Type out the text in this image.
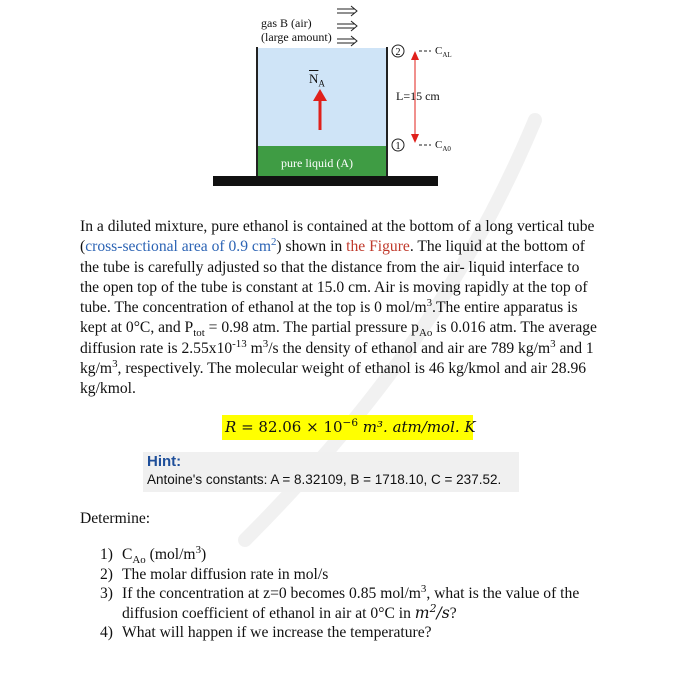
2
1
gas B (air)
(large amount)
$\overline{N}_A$
$C_{AL}$
$C_{A0}$
L=15 cm
pure liquid (A)
In a diluted mixture, pure ethanol is contained at the bottom of a long vertical tube (cross-sectional area of 0.9 $cm^2$) shown in the Figure. The liquid at the bottom of the tube is carefully adjusted so that the distance from the air- liquid interface to the open top of the tube is constant at 15.0 cm. Air is moving rapidly at the top of tube. The concentration of ethanol at the top is 0 mol/$m^3.The$ entire apparatus is kept at 0°C, and $P_{tot} = 0.98$ atm. The partial pressure $p_{Ao}$ is 0.016 atm. The average diffusion rate is $2.55x10^{-13}$ $m^3/s$ the density of ethanol and air are 789 $kg/m^3$ and 1 $kg/m^3$, respectively. The molecular weight of ethanol is 46 kg/kmol and air 28.96 kg/kmol.
$R = 82.06 \times 10^{-6}$ m³. atm/mol. K
Hint:
Antoine's constants: A = 8.32109, B = 1718.10, C = 237.52.
Determine:
1) $C_{Ao}$ $(mol/m^3)$
2) The molar diffusion rate in mol/s
3) If the concentration at z=0 becomes 0.85 mol/$m^3$, what is the value of the diffusion coefficient of ethanol in air at 0°C in $m^2/s$?
4) What will happen if we increase the temperature?
